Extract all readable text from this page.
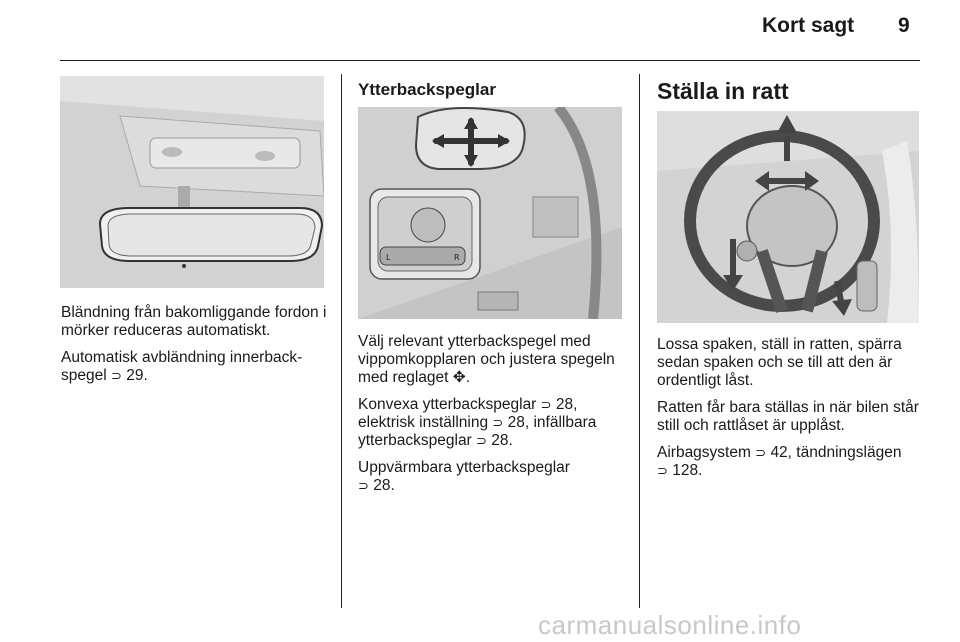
Kort sagt 9

Bländning från bakomliggande fordon i mörker reduceras automatiskt.

Automatisk avbländning innerback-spegel ⊃ 29.

Ytterbackspeglar
L	R

Välj relevant ytterbackspegel med vippomkopplaren och justera spegeln med reglaget ✥.

Konvexa ytterbackspeglar ⊃ 28, elektrisk inställning ⊃ 28, infällbara ytterbackspeglar ⊃ 28.

Uppvärmbara ytterbackspeglar
⊃ 28.

Ställa in ratt

Lossa spaken, ställ in ratten, spärra sedan spaken och se till att den är ordentligt låst.

Ratten får bara ställas in när bilen står still och rattlåset är upplåst.

Airbagsystem ⊃ 42, tändningslägen
⊃ 128.

carmanualsonline.info
